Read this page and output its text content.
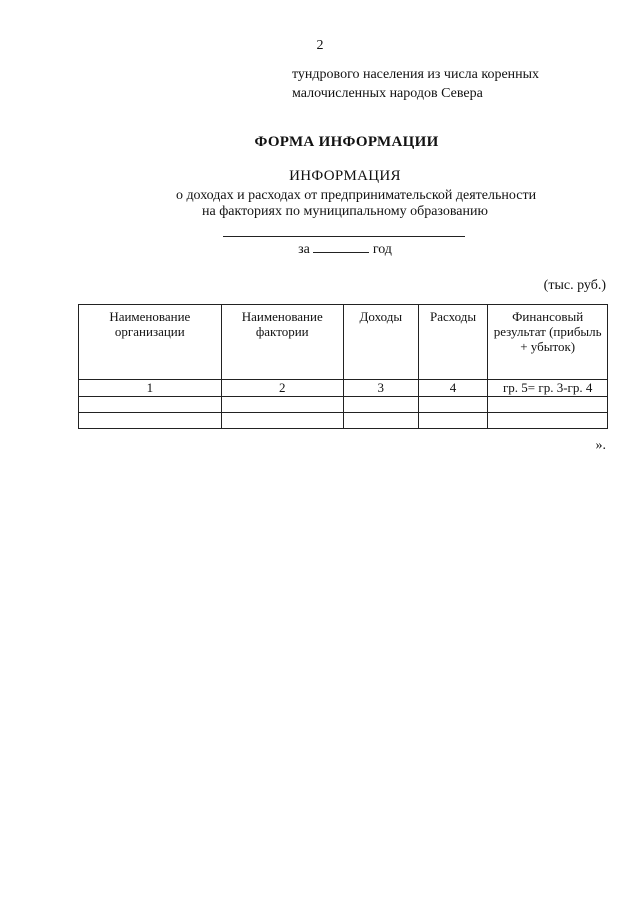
2
тундрового населения из числа коренных
малочисленных народов Севера
ФОРМА ИНФОРМАЦИИ
ИНФОРМАЦИЯ
о доходах и расходах от предпринимательской деятельности
на факториях по муниципальному образованию
за	год
(тыс. руб.)
Наименование организации	Наименование фактории	Доходы	Расходы	Финансовый результат (прибыль + убыток)
1	2	3	4	гр. 5= гр. 3-гр. 4

».
